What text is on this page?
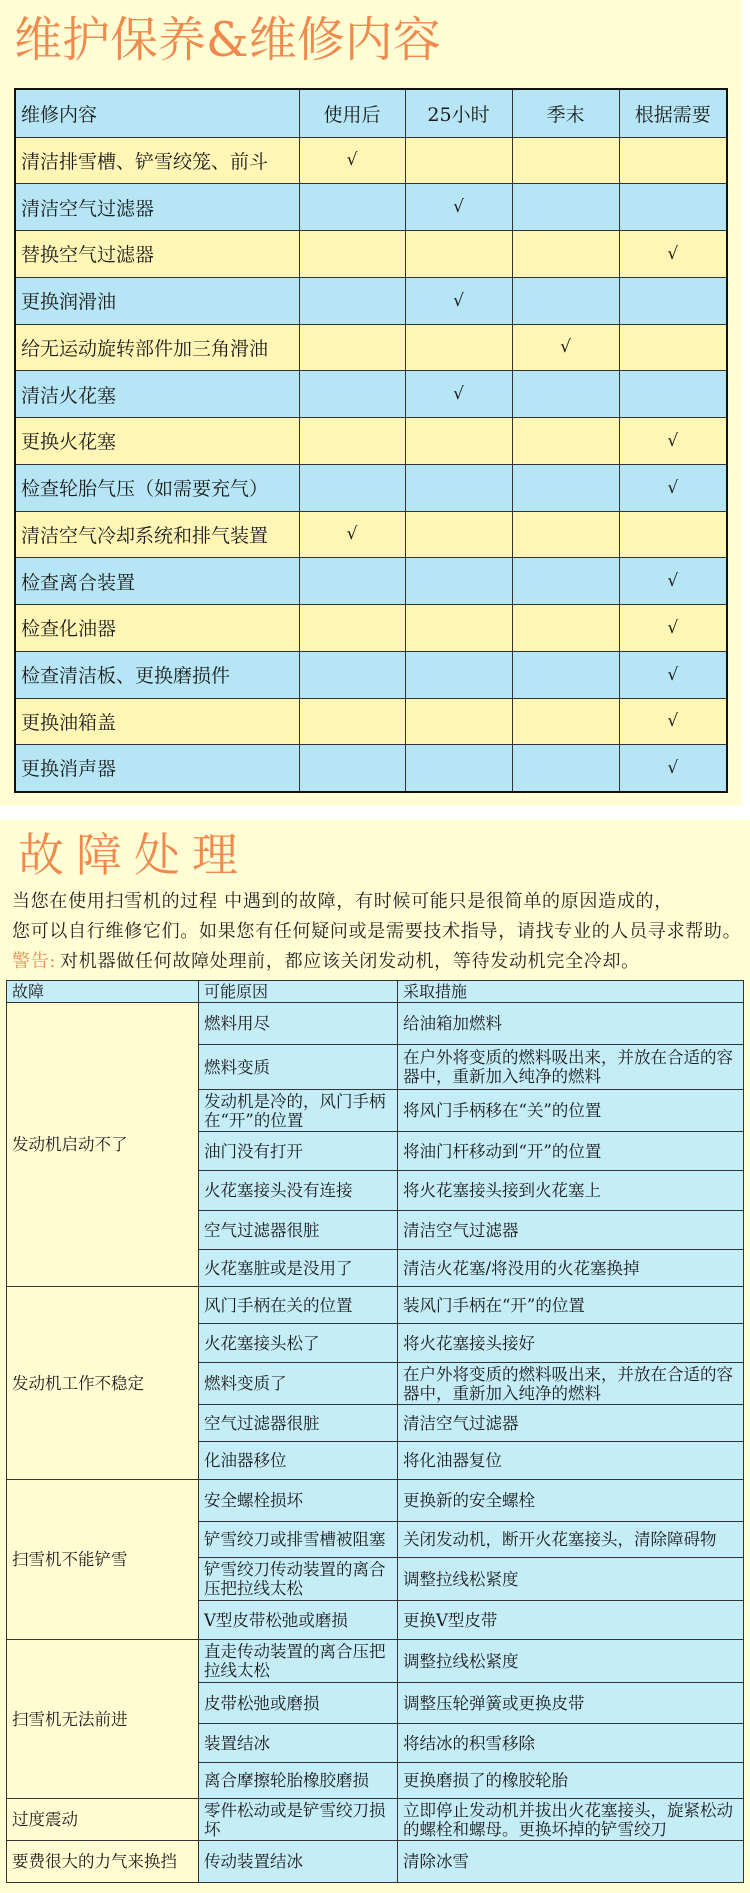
维护保养&维修内容
维修内容	使用后	25小时	季末	根据需要
清洁排雪槽、铲雪绞笼、前斗	√			
清洁空气过滤器		√		
替换空气过滤器				√
更换润滑油		√		
给无运动旋转部件加三角滑油			√	
清洁火花塞		√		
更换火花塞				√
检查轮胎气压（如需要充气）				√
清洁空气冷却系统和排气装置	√			
检查离合装置				√
检查化油器				√
检查清洁板、更换磨损件				√
更换油箱盖				√
更换消声器				√
故障处理

当您在使用扫雪机的过程 中遇到的故障，有时候可能只是很简单的原因造成的，

您可以自行维修它们。如果您有任何疑问或是需要技术指导，请找专业的人员寻求帮助。

警告: 对机器做任何故障处理前，都应该关闭发动机，等待发动机完全冷却。

故障	可能原因	采取措施
发动机启动不了	燃料用尽	给油箱加燃料
	燃料变质	在户外将变质的燃料吸出来，并放在合适的容器中，重新加入纯净的燃料
	发动机是冷的，风门手柄在“开”的位置	将风门手柄移在“关”的位置
	油门没有打开	将油门杆移动到“开”的位置
	火花塞接头没有连接	将火花塞接头接到火花塞上
	空气过滤器很脏	清洁空气过滤器
	火花塞脏或是没用了	清洁火花塞/将没用的火花塞换掉
发动机工作不稳定	风门手柄在关的位置	装风门手柄在“开”的位置
	火花塞接头松了	将火花塞接头接好
	燃料变质了	在户外将变质的燃料吸出来，并放在合适的容器中，重新加入纯净的燃料
	空气过滤器很脏	清洁空气过滤器
	化油器移位	将化油器复位
扫雪机不能铲雪	安全螺栓损坏	更换新的安全螺栓
	铲雪绞刀或排雪槽被阻塞	关闭发动机，断开火花塞接头，清除障碍物
	铲雪绞刀传动装置的离合压把拉线太松	调整拉线松紧度
	V型皮带松弛或磨损	更换V型皮带
扫雪机无法前进	直走传动装置的离合压把拉线太松	调整拉线松紧度
	皮带松弛或磨损	调整压轮弹簧或更换皮带
	装置结冰	将结冰的积雪移除
	离合摩擦轮胎橡胶磨损	更换磨损了的橡胶轮胎
过度震动	零件松动或是铲雪绞刀损坏	立即停止发动机并拔出火花塞接头，旋紧松动的螺栓和螺母。更换坏掉的铲雪绞刀
要费很大的力气来换挡	传动装置结冰	清除冰雪
